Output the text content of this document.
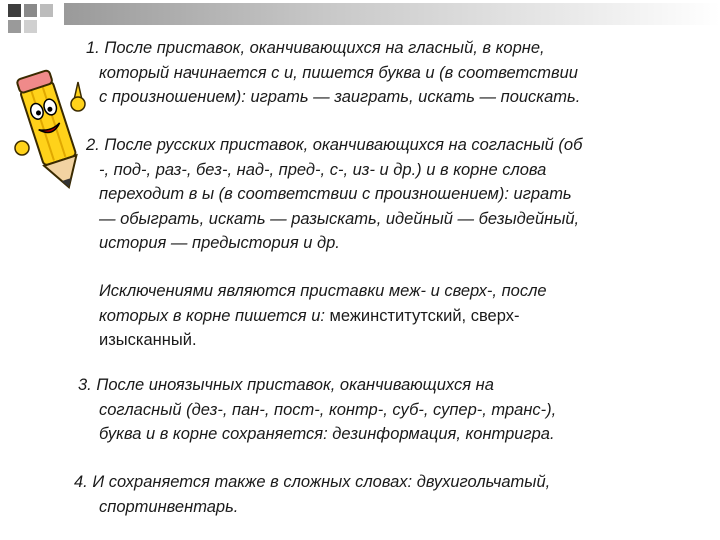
1. После приставок, оканчивающихся на гласный, в корне,
который начинается с и, пишется буква и (в соответствии
с произношением): играть — заиграть, искать — поискать.
2. После русских приставок, оканчивающихся на согласный (об
-, под-, раз-, без-, над-, пред-, с-, из- и др.) и в корне слова
переходит в ы (в соответствии с произношением): играть
— обыграть, искать — разыскать, идейный — безыдейный,
история — предыстория и др.
Исключениями являются приставки меж- и сверх-, после
которых в корне пишется и: межинститутский, сверх-
изысканный.
3. После иноязычных приставок, оканчивающихся на
согласный (дез-, пан-, пост-, контр-, суб-, супер-, транс-),
буква и в корне сохраняется: дезинформация, контригра.
4. И сохраняется также в сложных словах: двухигольчатый,
спортинвентарь.
